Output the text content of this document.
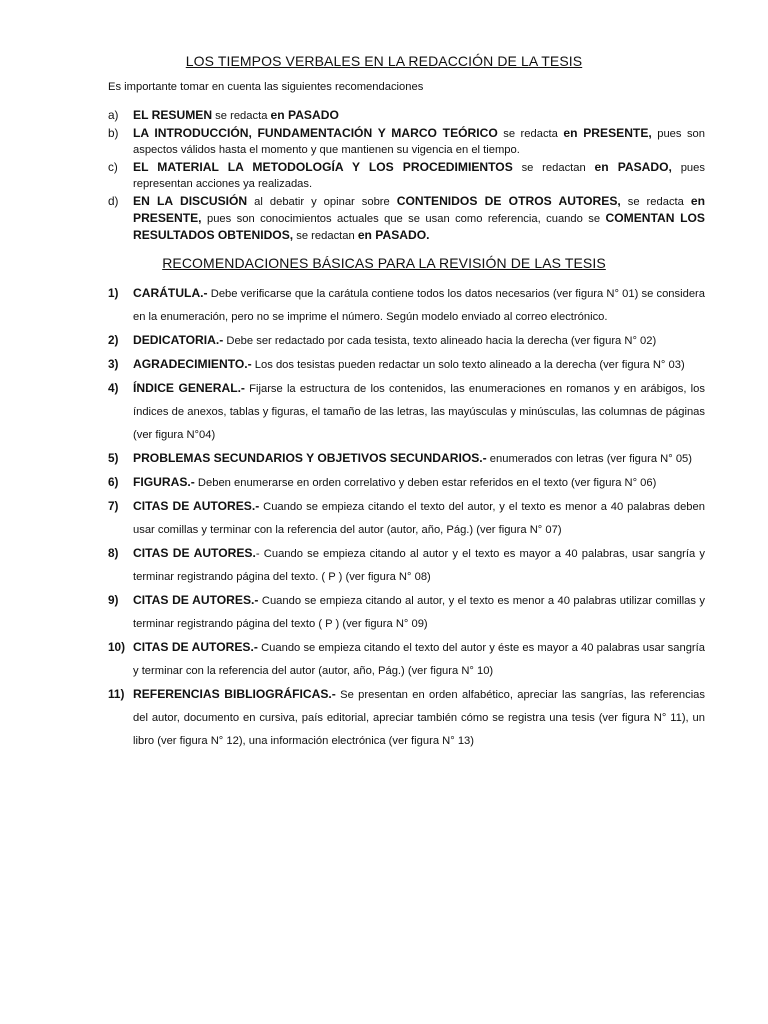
LOS TIEMPOS VERBALES EN LA REDACCIÓN DE LA TESIS
Es importante tomar en cuenta las siguientes recomendaciones
a) EL RESUMEN se redacta en PASADO
b) LA INTRODUCCIÓN, FUNDAMENTACIÓN Y MARCO TEÓRICO se redacta en PRESENTE, pues son aspectos válidos hasta el momento y que mantienen su vigencia en el tiempo.
c) EL MATERIAL LA METODOLOGÍA Y LOS PROCEDIMIENTOS se redactan en PASADO, pues representan acciones ya realizadas.
d) EN LA DISCUSIÓN al debatir y opinar sobre CONTENIDOS DE OTROS AUTORES, se redacta en PRESENTE, pues son conocimientos actuales que se usan como referencia, cuando se COMENTAN LOS RESULTADOS OBTENIDOS, se redactan en PASADO.
RECOMENDACIONES BÁSICAS PARA LA REVISIÓN DE LAS TESIS
1) CARÁTULA.- Debe verificarse que la carátula contiene todos los datos necesarios (ver figura N° 01) se considera en la enumeración, pero no se imprime el número. Según modelo enviado al correo electrónico.
2) DEDICATORIA.- Debe ser redactado por cada tesista, texto alineado hacia la derecha (ver figura N° 02)
3) AGRADECIMIENTO.- Los dos tesistas pueden redactar un solo texto alineado a la derecha (ver figura N° 03)
4) ÍNDICE GENERAL.- Fijarse la estructura de los contenidos, las enumeraciones en romanos y en arábigos, los índices de anexos, tablas y figuras, el tamaño de las letras, las mayúsculas y minúsculas, las columnas de páginas (ver figura N°04)
5) PROBLEMAS SECUNDARIOS Y OBJETIVOS SECUNDARIOS.- enumerados con letras (ver figura N° 05)
6) FIGURAS.- Deben enumerarse en orden correlativo y deben estar referidos en el texto (ver figura N° 06)
7) CITAS DE AUTORES.- Cuando se empieza citando el texto del autor, y el texto es menor a 40 palabras deben usar comillas y terminar con la referencia del autor (autor, año, Pág.) (ver figura N° 07)
8) CITAS DE AUTORES.- Cuando se empieza citando al autor y el texto es mayor a 40 palabras, usar sangría y terminar registrando página del texto. ( P ) (ver figura N° 08)
9) CITAS DE AUTORES.- Cuando se empieza citando al autor, y el texto es menor a 40 palabras utilizar comillas y terminar registrando página del texto ( P ) (ver figura N° 09)
10) CITAS DE AUTORES.- Cuando se empieza citando el texto del autor y éste es mayor a 40 palabras usar sangría y terminar con la referencia del autor (autor, año, Pág.) (ver figura N° 10)
11) REFERENCIAS BIBLIOGRÁFICAS.- Se presentan en orden alfabético, apreciar las sangrías, las referencias del autor, documento en cursiva, país editorial, apreciar también cómo se registra una tesis (ver figura N° 11), un libro (ver figura N° 12), una información electrónica (ver figura N° 13)
